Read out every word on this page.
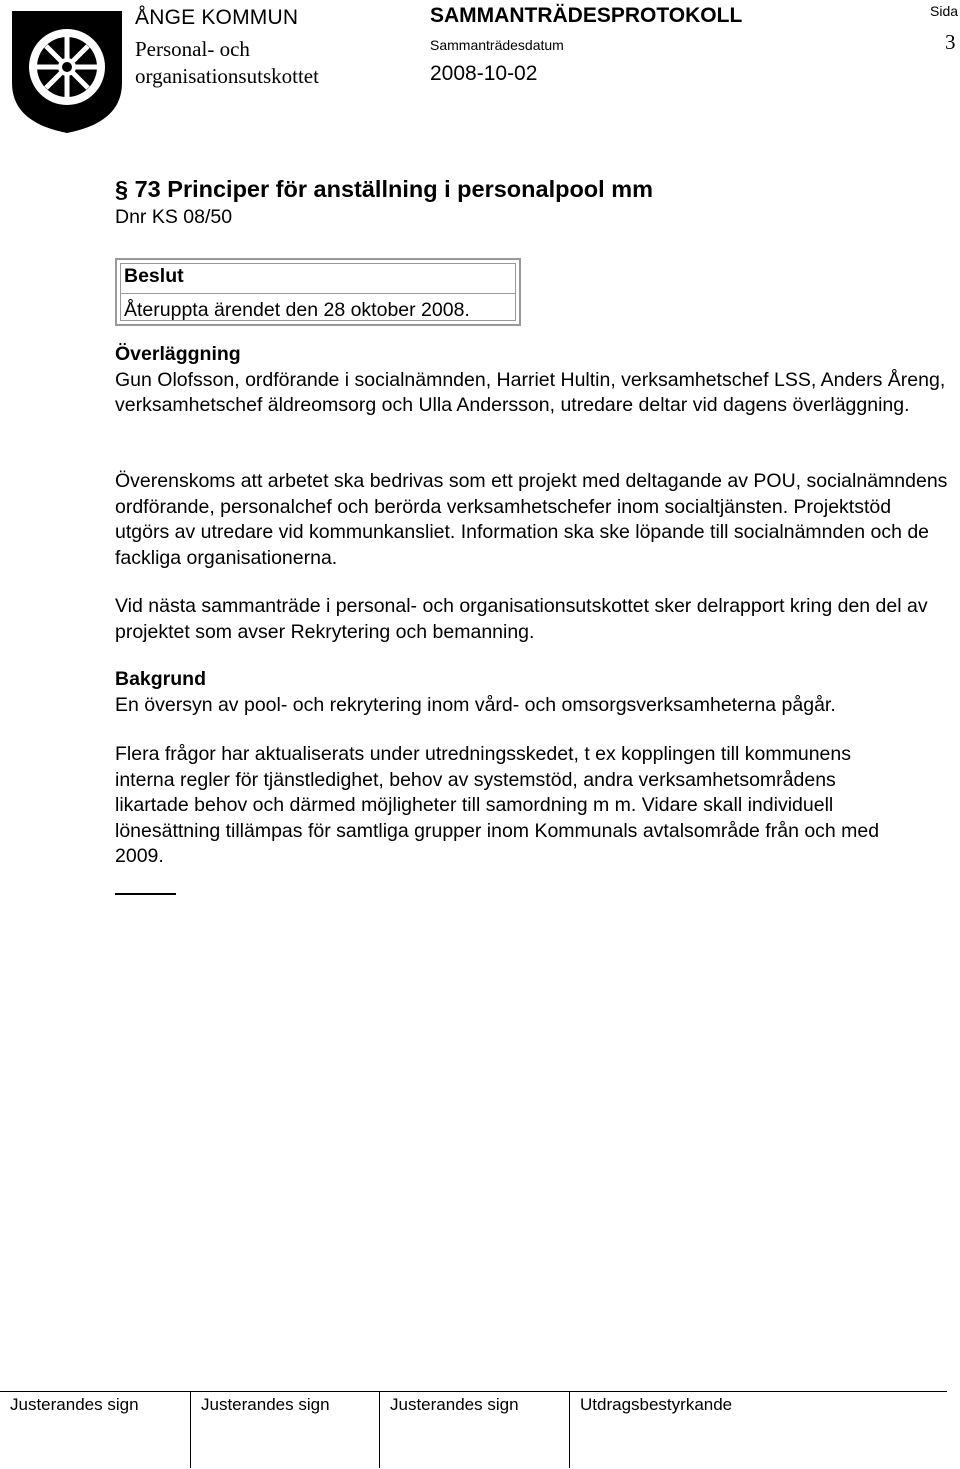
ÅNGE KOMMUN
Personal- och
organisationsutskottet
SAMMANTRÄDESPROTOKOLL
Sammanträdesdatum
2008-10-02
Sida
3
§ 73 Principer för anställning i personalpool mm
Dnr KS 08/50
Beslut
Återuppta ärendet den 28 oktober 2008.
Överläggning

Gun Olofsson, ordförande i socialnämnden, Harriet Hultin, verksamhetschef LSS, Anders Åreng, verksamhetschef äldreomsorg och Ulla Andersson, utredare deltar vid dagens överläggning.

Överenskoms att arbetet ska bedrivas som ett projekt med deltagande av POU, socialnämndens ordförande, personalchef och berörda verksamhetschefer inom socialtjänsten. Projektstöd utgörs av utredare vid kommunkansliet. Information ska ske löpande till socialnämnden och de fackliga organisationerna.

Vid nästa sammanträde i personal- och organisationsutskottet sker delrapport kring den del av projektet som avser Rekrytering och bemanning.

Bakgrund

En översyn av pool- och rekrytering inom vård- och omsorgsverksamheterna pågår.

Flera frågor har aktualiserats under utredningsskedet, t ex kopplingen till kommunens interna regler för tjänstledighet, behov av systemstöd, andra verksamhetsområdens likartade behov och därmed möjligheter till samordning m m. Vidare skall individuell lönesättning tillämpas för samtliga grupper inom Kommunals avtalsområde från och med 2009.

Justerandes sign	Justerandes sign	Justerandes sign	Utdragsbestyrkande
